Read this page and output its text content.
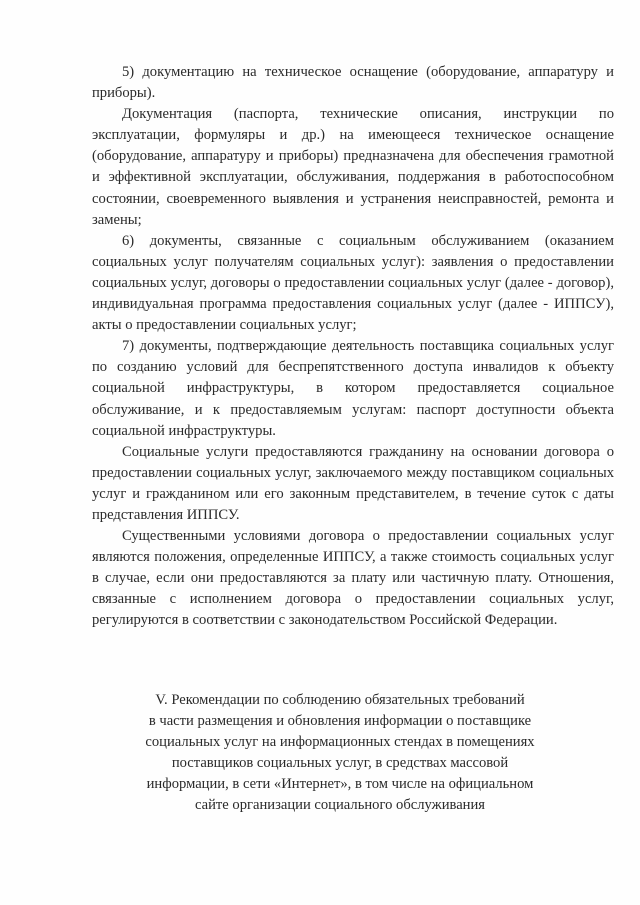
5) документацию на техническое оснащение (оборудование, аппаратуру и приборы).

Документация (паспорта, технические описания, инструкции по эксплуатации, формуляры и др.) на имеющееся техническое оснащение (оборудование, аппаратуру и приборы) предназначена для обеспечения грамотной и эффективной эксплуатации, обслуживания, поддержания в работоспособном состоянии, своевременного выявления и устранения неисправностей, ремонта и замены;

6) документы, связанные с социальным обслуживанием (оказанием социальных услуг получателям социальных услуг): заявления о предоставлении социальных услуг, договоры о предоставлении социальных услуг (далее - договор), индивидуальная программа предоставления социальных услуг (далее - ИППСУ), акты о предоставлении социальных услуг;

7) документы, подтверждающие деятельность поставщика социальных услуг по созданию условий для беспрепятственного доступа инвалидов к объекту социальной инфраструктуры, в котором предоставляется социальное обслуживание, и к предоставляемым услугам: паспорт доступности объекта социальной инфраструктуры.

Социальные услуги предоставляются гражданину на основании договора о предоставлении социальных услуг, заключаемого между поставщиком социальных услуг и гражданином или его законным представителем, в течение суток с даты представления ИППСУ.

Существенными условиями договора о предоставлении социальных услуг являются положения, определенные ИППСУ, а также стоимость социальных услуг в случае, если они предоставляются за плату или частичную плату. Отношения, связанные с исполнением договора о предоставлении социальных услуг, регулируются в соответствии с законодательством Российской Федерации.

V. Рекомендации по соблюдению обязательных требований
в части размещения и обновления информации о поставщике
социальных услуг на информационных стендах в помещениях
поставщиков социальных услуг, в средствах массовой
информации, в сети «Интернет», в том числе на официальном
сайте организации социального обслуживания
